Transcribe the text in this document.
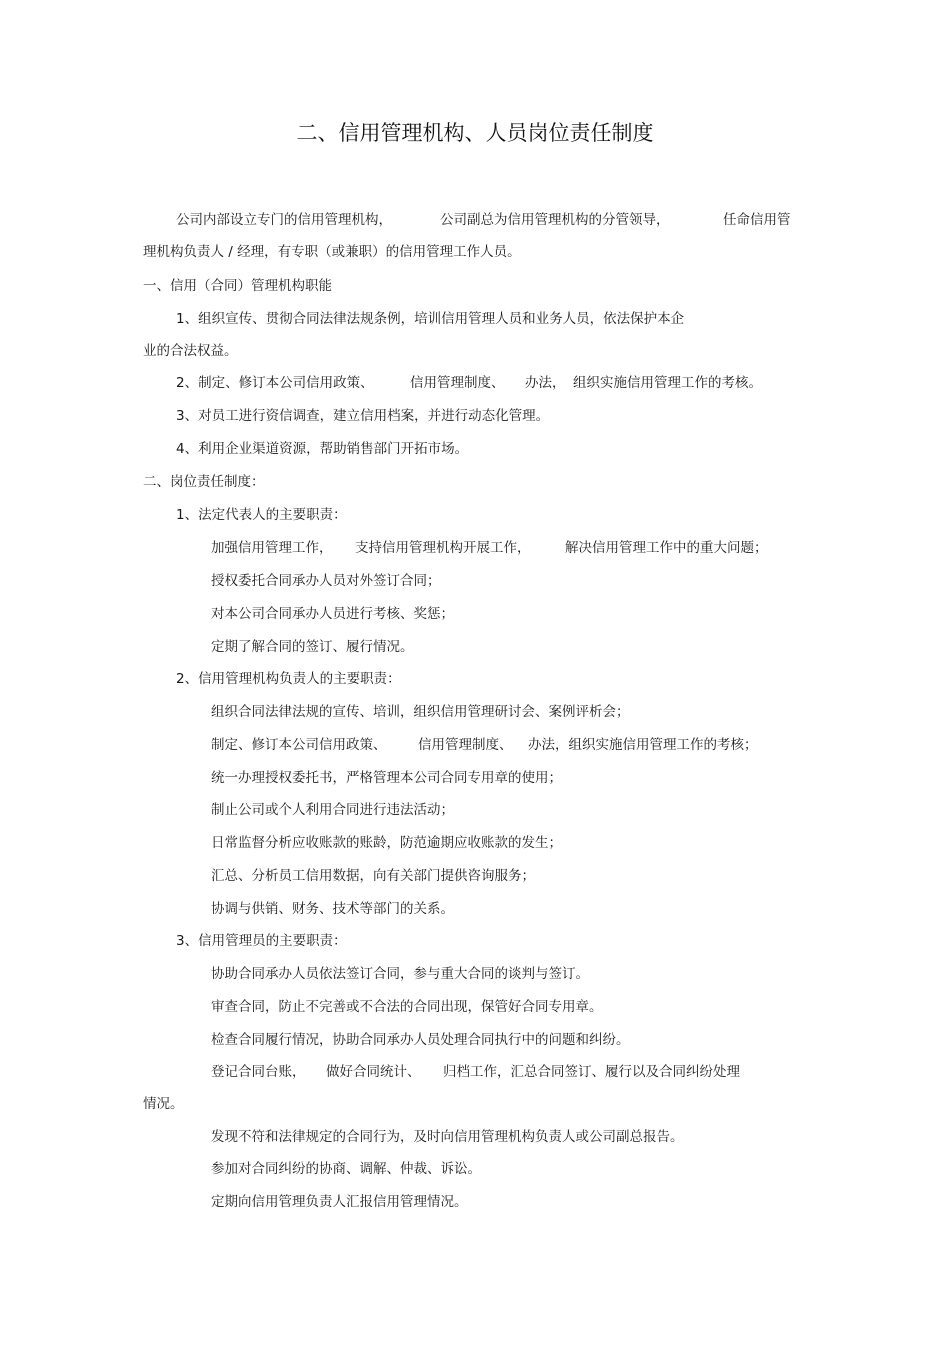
二、信用管理机构、人员岗位责任制度
公司内部设立专门的信用管理机构，	公司副总为信用管理机构的分管领导，	任命信用管
理机构负责人 / 经理，有专职（或兼职）的信用管理工作人员。
一、信用（合同）管理机构职能
1、组织宣传、贯彻合同法律法规条例，培训信用管理人员和业务人员，依法保护本企
业的合法权益。
2、制定、修订本公司信用政策、	信用管理制度、 办法， 组织实施信用管理工作的考核。
3、对员工进行资信调查，建立信用档案，并进行动态化管理。
4、利用企业渠道资源，帮助销售部门开拓市场。
二、岗位责任制度：
1、法定代表人的主要职责：
加强信用管理工作， 支持信用管理机构开展工作，	解决信用管理工作中的重大问题；
授权委托合同承办人员对外签订合同；
对本公司合同承办人员进行考核、奖惩；
定期了解合同的签订、履行情况。
2、信用管理机构负责人的主要职责：
组织合同法律法规的宣传、培训，组织信用管理研讨会、案例评析会；
制定、修订本公司信用政策、 信用管理制度、 办法，组织实施信用管理工作的考核；
统一办理授权委托书，严格管理本公司合同专用章的使用；
制止公司或个人利用合同进行违法活动；
日常监督分析应收账款的账龄，防范逾期应收账款的发生；
汇总、分析员工信用数据，向有关部门提供咨询服务；
协调与供销、财务、技术等部门的关系。
3、信用管理员的主要职责：
协助合同承办人员依法签订合同，参与重大合同的谈判与签订。
审查合同，防止不完善或不合法的合同出现，保管好合同专用章。
检查合同履行情况，协助合同承办人员处理合同执行中的问题和纠纷。
登记合同台账， 做好合同统计、 归档工作，汇总合同签订、履行以及合同纠纷处理
情况。
发现不符和法律规定的合同行为，及时向信用管理机构负责人或公司副总报告。
参加对合同纠纷的协商、调解、仲裁、诉讼。
定期向信用管理负责人汇报信用管理情况。
